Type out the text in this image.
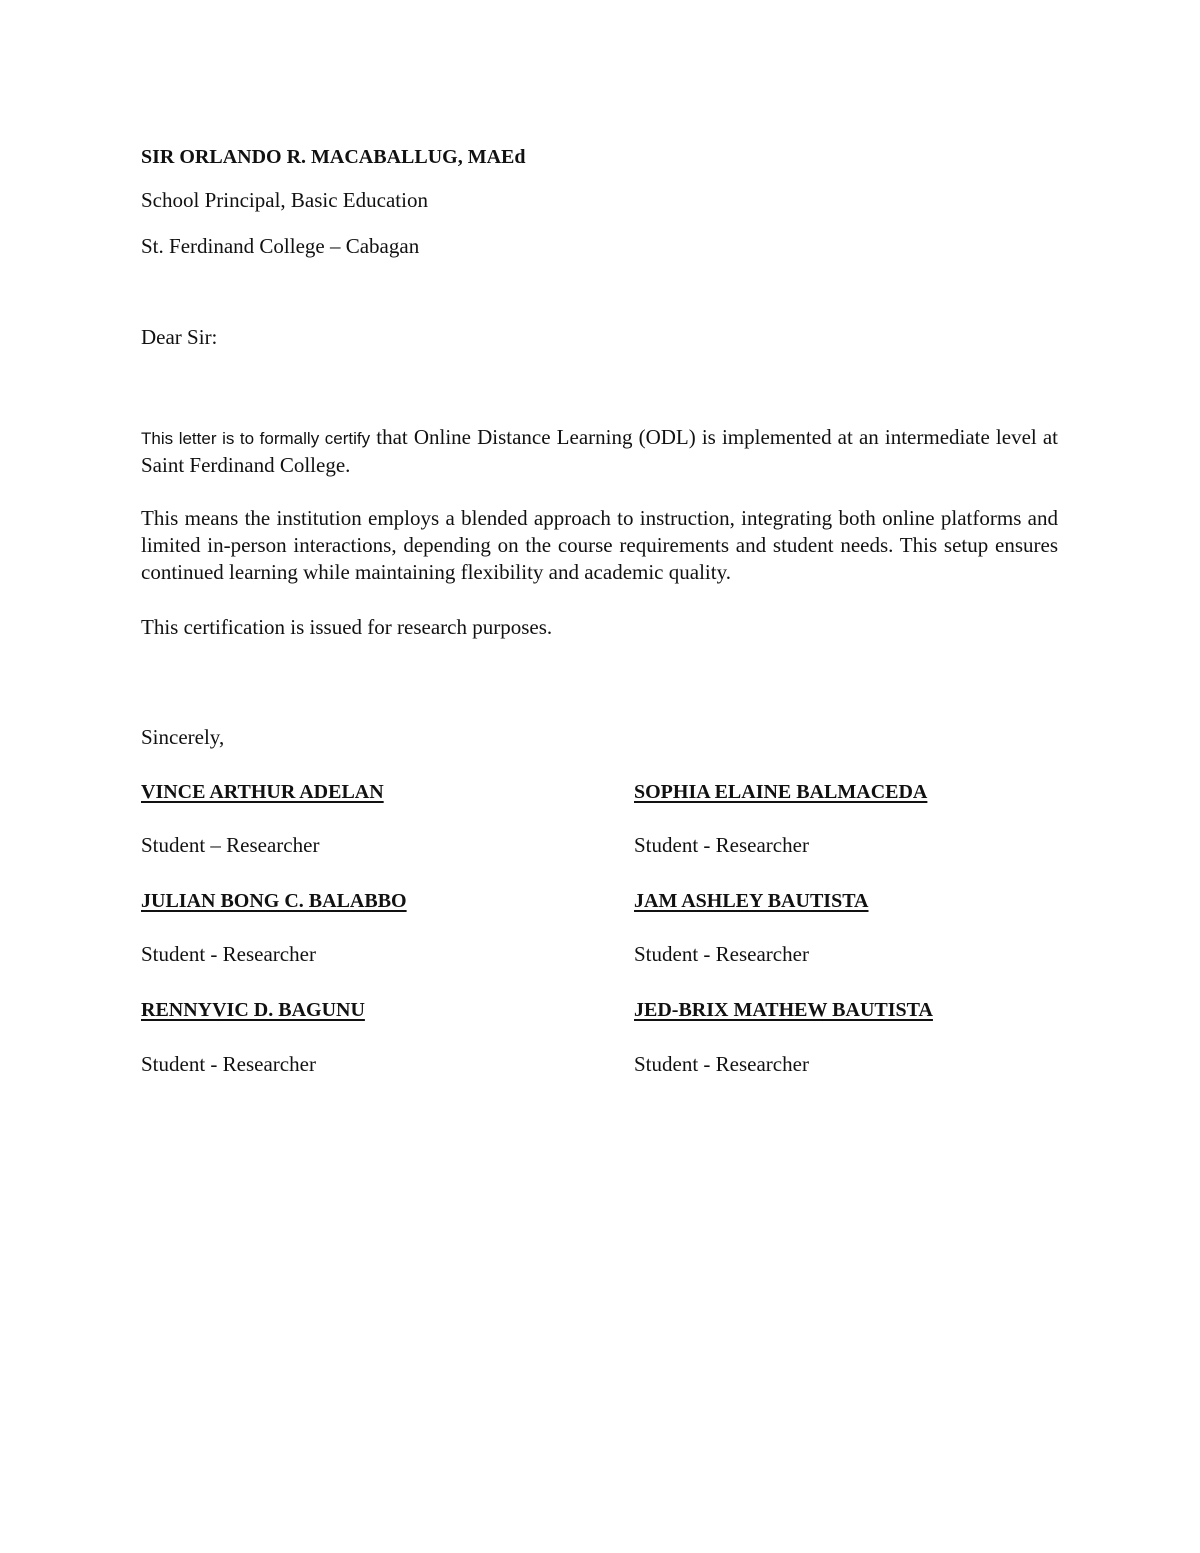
SIR ORLANDO R. MACABALLUG, MAEd

School Principal, Basic Education

St. Ferdinand College – Cabagan

Dear Sir:

This letter is to formally certify that Online Distance Learning (ODL) is implemented at an intermediate level at Saint Ferdinand College.

This means the institution employs a blended approach to instruction, integrating both online platforms and limited in-person interactions, depending on the course requirements and student needs. This setup ensures continued learning while maintaining flexibility and academic quality.

This certification is issued for research purposes.

Sincerely,

VINCE ARTHUR ADELAN

Student – Researcher

SOPHIA ELAINE BALMACEDA

Student - Researcher

JULIAN BONG C. BALABBO

Student - Researcher

JAM ASHLEY BAUTISTA

Student - Researcher

RENNYVIC D. BAGUNU

Student - Researcher

JED-BRIX MATHEW BAUTISTA

Student - Researcher
